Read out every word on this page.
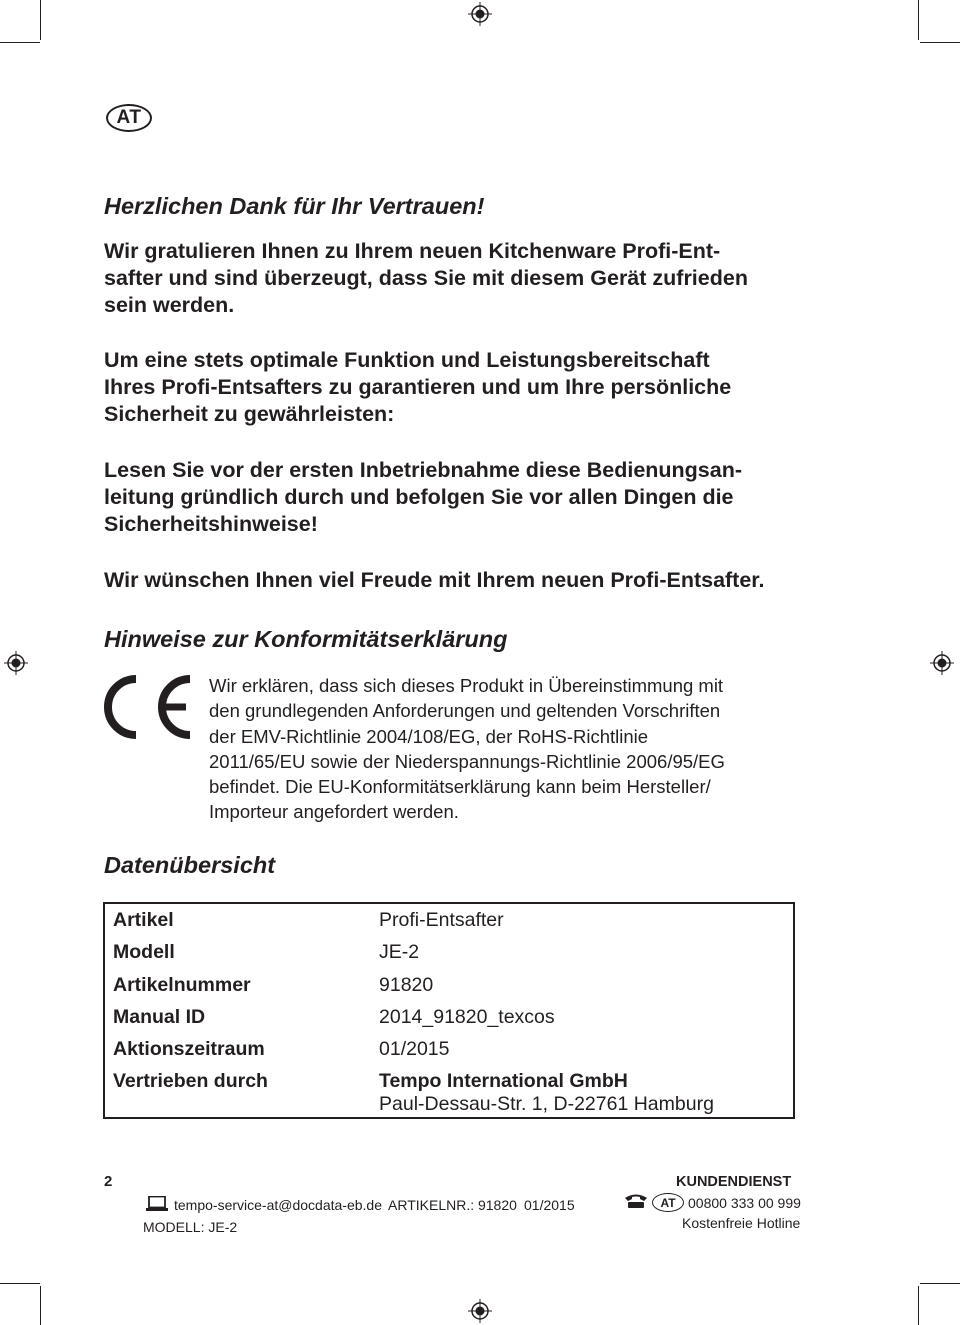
AT
Herzlichen Dank für Ihr Vertrauen!

Wir gratulieren Ihnen zu Ihrem neuen Kitchenware Profi-Ent-
safter und sind überzeugt, dass Sie mit diesem Gerät zufrieden
sein werden.

Um eine stets optimale Funktion und Leistungsbereitschaft
Ihres Profi-Entsafters zu garantieren und um Ihre persönliche
Sicherheit zu gewährleisten:

Lesen Sie vor der ersten Inbetriebnahme diese Bedienungsan-
leitung gründlich durch und befolgen Sie vor allen Dingen die
Sicherheitshinweise!

Wir wünschen Ihnen viel Freude mit Ihrem neuen Profi-Entsafter.

Hinweise zur Konformitätserklärung

Wir erklären, dass sich dieses Produkt in Übereinstimmung mit
den grundlegenden Anforderungen und geltenden Vorschriften
der EMV-Richtlinie 2004/108/EG, der RoHS-Richtlinie
2011/65/EU sowie der Niederspannungs-Richtlinie 2006/95/EG
befindet. Die EU-Konformitätserklärung kann beim Hersteller/
Importeur angefordert werden.

Datenübersicht
Artikel	Profi-Entsafter
Modell	JE-2
Artikelnummer	91820
Manual ID	2014_91820_texcos
Aktionszeitraum	01/2015
Vertrieben durch	Tempo International GmbH
Paul-Dessau-Str. 1, D-22761 Hamburg
2
tempo-service-at@docdata-eb.de ARTIKELNR.: 91820 01/2015
MODELL: JE-2
KUNDENDIENST
AT 00800 333 00 999
Kostenfreie Hotline
